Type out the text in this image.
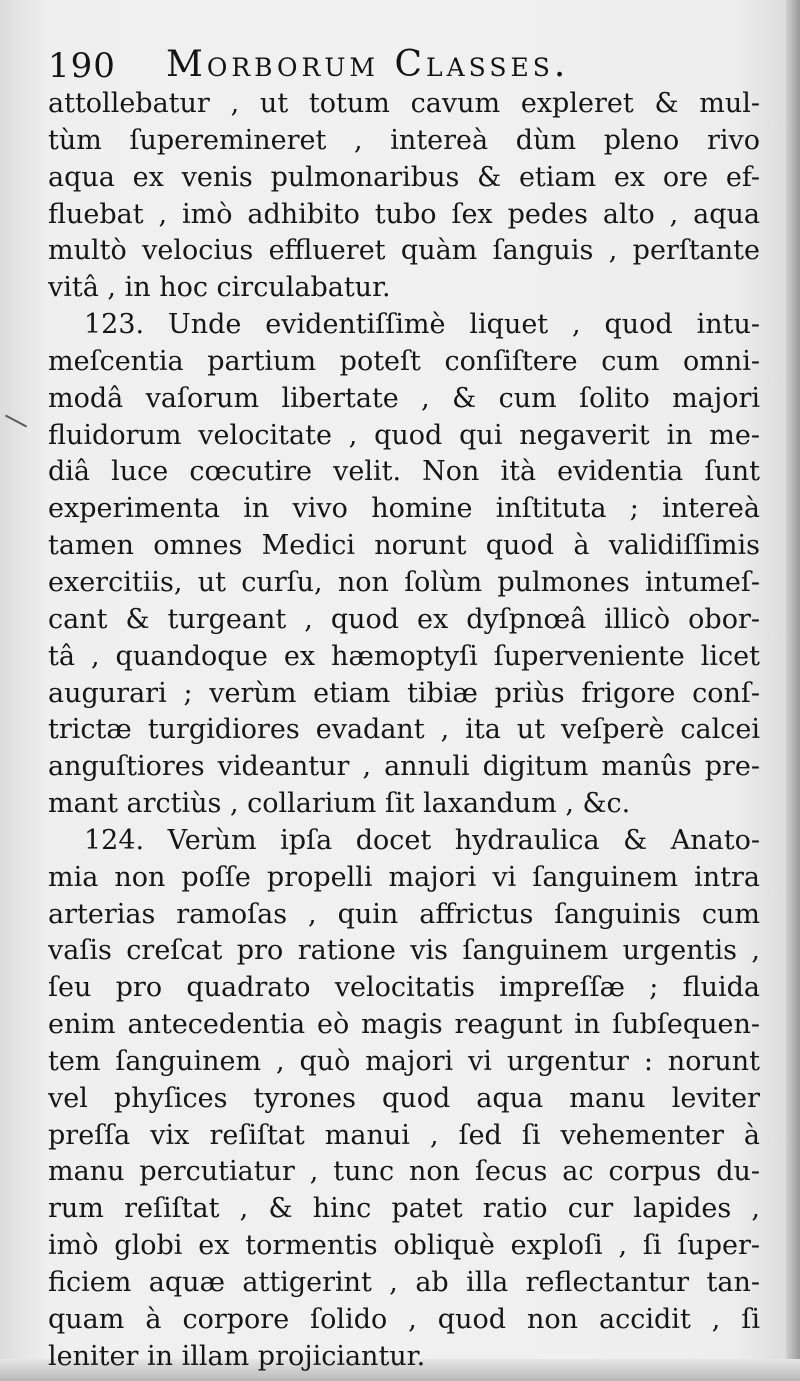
190 Morborum Classes.
attollebatur , ut totum cavum expleret & mul-
tùm ſuperemineret , intereà dùm pleno rivo
aqua ex venis pulmonaribus & etiam ex ore ef-
fluebat , imò adhibito tubo ſex pedes alto , aqua
multò velocius efflueret quàm ſanguis , perſtante
vitâ , in hoc circulabatur.
123. Unde evidentiſſimè liquet , quod intu-
meſcentia partium poteſt conſiſtere cum omni-
modâ vaſorum libertate , & cum ſolito majori
fluidorum velocitate , quod qui negaverit in me-
diâ luce cœcutire velit. Non ità evidentia ſunt
experimenta in vivo homine inſtituta ; intereà
tamen omnes Medici norunt quod à validiſſimis
exercitiis, ut curſu, non ſolùm pulmones intumeſ-
cant & turgeant , quod ex dyſpnœâ illicò obor-
tâ , quandoque ex hæmoptyſi ſuperveniente licet
augurari ; verùm etiam tibiæ priùs frigore conſ-
trictæ turgidiores evadant , ita ut veſperè calcei
anguſtiores videantur , annuli digitum manûs pre-
mant arctiùs , collarium ſit laxandum , &c.
124. Verùm ipſa docet hydraulica & Anato-
mia non poſſe propelli majori vi ſanguinem intra
arterias ramoſas , quin affrictus ſanguinis cum
vaſis creſcat pro ratione vis ſanguinem urgentis ,
ſeu pro quadrato velocitatis impreſſæ ; fluida
enim antecedentia eò magis reagunt in ſubſequen-
tem ſanguinem , quò majori vi urgentur : norunt
vel phyſices tyrones quod aqua manu leviter
preſſa vix reſiſtat manui , ſed ſi vehementer à
manu percutiatur , tunc non ſecus ac corpus du-
rum reſiſtat , & hinc patet ratio cur lapides ,
imò globi ex tormentis obliquè exploſi , ſi ſuper-
ficiem aquæ attigerint , ab illa reflectantur tan-
quam à corpore ſolido , quod non accidit , ſi
leniter in illam projiciantur.
